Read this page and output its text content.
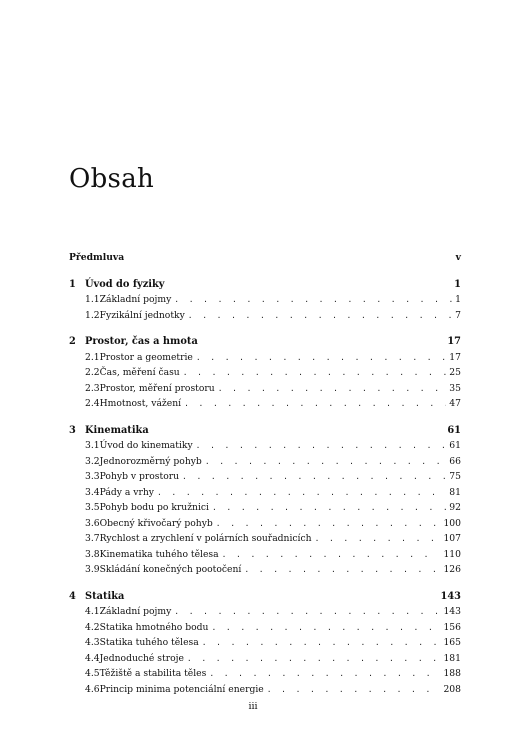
Obsah
Předmluva	v
1 Úvod do fyziky	1
1.1 Základní pojmy . . .	1
1.2 Fyzikální jednotky . . .	7
2 Prostor, čas a hmota	17
2.1 Prostor a geometrie . . .	17
2.2 Čas, měření času . . .	25
2.3 Prostor, měření prostoru . . .	35
2.4 Hmotnost, vážení . . .	47
3 Kinematika	61
3.1 Úvod do kinematiky . . .	61
3.2 Jednorozměrný pohyb . . .	66
3.3 Pohyb v prostoru . . .	75
3.4 Pády a vrhy . . .	81
3.5 Pohyb bodu po kružnici . . .	92
3.6 Obecný křivočarý pohyb . . .	100
3.7 Rychlost a zrychlení v polárních souřadnicích . . .	107
3.8 Kinematika tuhého tělesa . . .	110
3.9 Skládání konečných pootočení . . .	126
4 Statika	143
4.1 Základní pojmy . . .	143
4.2 Statika hmotného bodu . . .	156
4.3 Statika tuhého tělesa . . .	165
4.4 Jednoduché stroje . . .	181
4.5 Těžiště a stabilita těles . . .	188
4.6 Princip minima potenciální energie . . .	208
iii
